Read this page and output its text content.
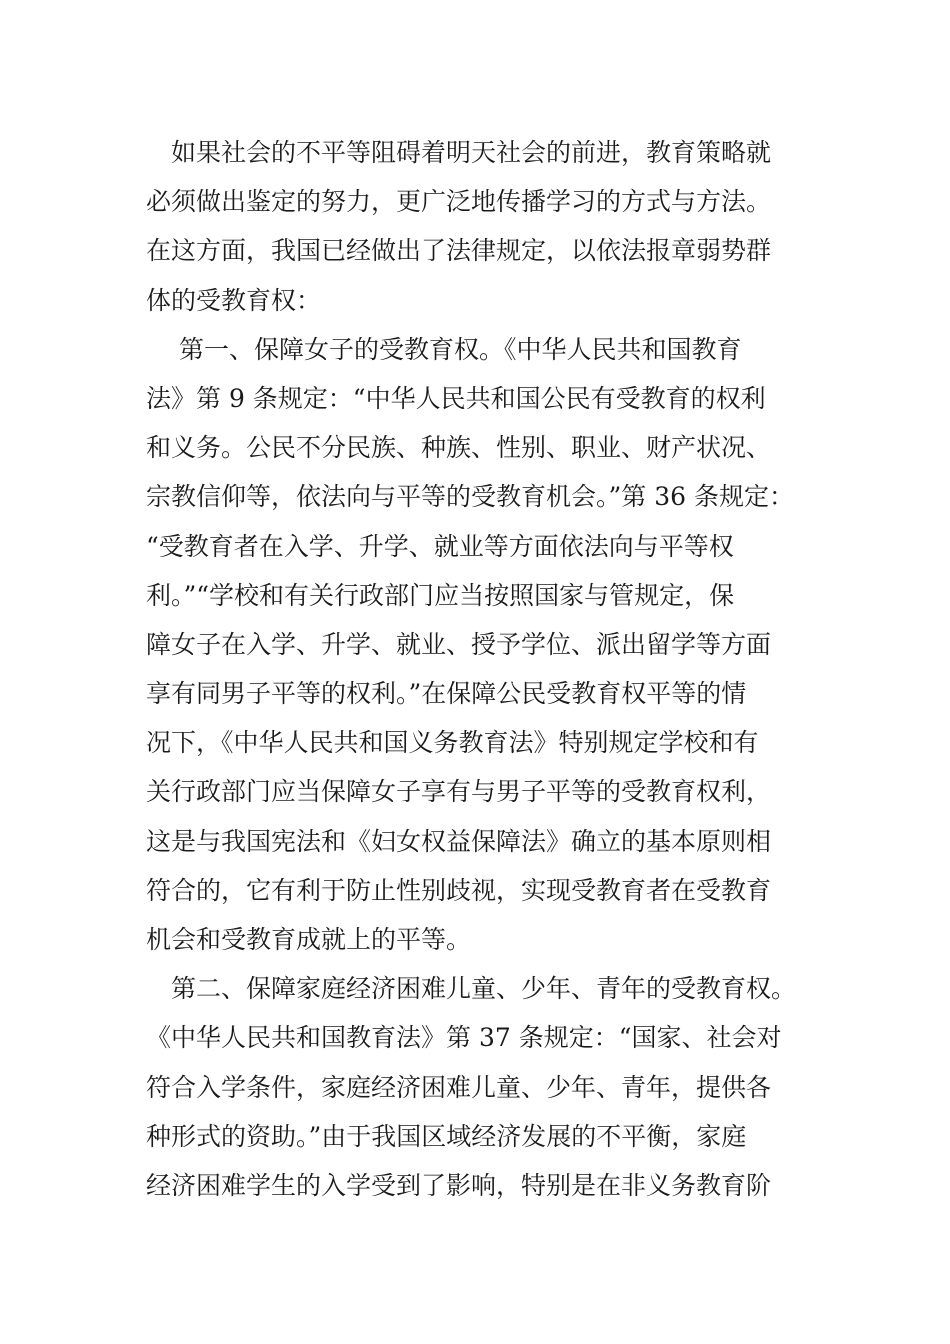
　如果社会的不平等阻碍着明天社会的前进，教育策略就
必须做出鉴定的努力，更广泛地传播学习的方式与方法。
在这方面，我国已经做出了法律规定，以依法报章弱势群
体的受教育权：
　 第一、保障女子的受教育权。《中华人民共和国教育
法》第 9 条规定：“中华人民共和国公民有受教育的权利
和义务。公民不分民族、种族、性别、职业、财产状况、
宗教信仰等，依法向与平等的受教育机会。”第 36 条规定：
“受教育者在入学、升学、就业等方面依法向与平等权
利。”“学校和有关行政部门应当按照国家与管规定，保
障女子在入学、升学、就业、授予学位、派出留学等方面
享有同男子平等的权利。”在保障公民受教育权平等的情
况下，《中华人民共和国义务教育法》特别规定学校和有
关行政部门应当保障女子享有与男子平等的受教育权利，
这是与我国宪法和《妇女权益保障法》确立的基本原则相
符合的，它有利于防止性别歧视，实现受教育者在受教育
机会和受教育成就上的平等。
　第二、保障家庭经济困难儿童、少年、青年的受教育权。
《中华人民共和国教育法》第 37 条规定：“国家、社会对
符合入学条件，家庭经济困难儿童、少年、青年，提供各
种形式的资助。”由于我国区域经济发展的不平衡，家庭
经济困难学生的入学受到了影响，特别是在非义务教育阶
